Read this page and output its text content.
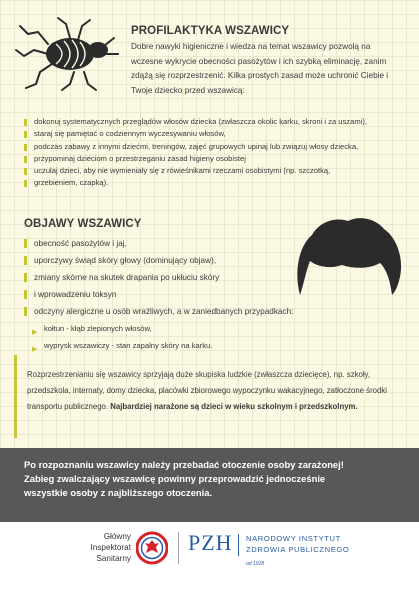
PROFILAKTYKA WSZAWICY
Dobre nawyki higieniczne i wiedza na temat wszawicy pozwolą na wczesne wykrycie obecności pasożytów i ich szybką eliminację, zanim zdążą się rozprzestrzenić. Kilka prostych zasad może uchronić Ciebie i Twoje dziecko przed wszawicą:
dokonuj systematycznych przeglądów włosów dziecka (zwłaszcza okolic karku, skroni i za uszami),
staraj się pamiętać o codziennym wyczesywaniu włosów,
podczas zabawy z innymi dziećmi, treningów, zajęć grupowych upinaj lub związuj włosy dziecka,
przypominaj dzieciom o przestrzeganiu zasad higieny osobistej
uczulaj dzieci, aby nie wymieniały się z rówieśnikami rzeczami osobistymi (np. szczotką,
grzebieniem, czapką).
OBJAWY WSZAWICY
obecność pasożytów i jaj,
uporczywy świąd skóry głowy (dominujący objaw),
zmiany skórne na skutek drapania po ukłuciu skóry
i wprowadzeniu toksyn
odczyny alergiczne u osób wrażliwych, a w zaniedbanych przypadkach:
▶ kołtun - kłąb zlepionych włosów,
▶ wyprysk wszawiczy - stan zapalny skóry na karku.
Rozprzestrzenianiu się wszawicy sprzyjają duże skupiska ludzkie (zwłaszcza dziecięce), np. szkoły, przedszkola, internaty, domy dziecka, placówki zbiorowego wypoczynku wakacyjnego, zatłoczone środki transportu publicznego. Najbardziej narażone są dzieci w wieku szkolnym i przedszkolnym.

Po rozpoznaniu wszawicy należy przebadać otoczenie osoby zarażonej!

Zabieg zwalczający wszawicę powinny przeprowadzić jednocześnie

wszystkie osoby z najbliższego otoczenia.

Główny
Inspektorat
Sanitarny
PZH NARODOWY INSTYTUT
ZDROWIA PUBLICZNEGO
od 1918
